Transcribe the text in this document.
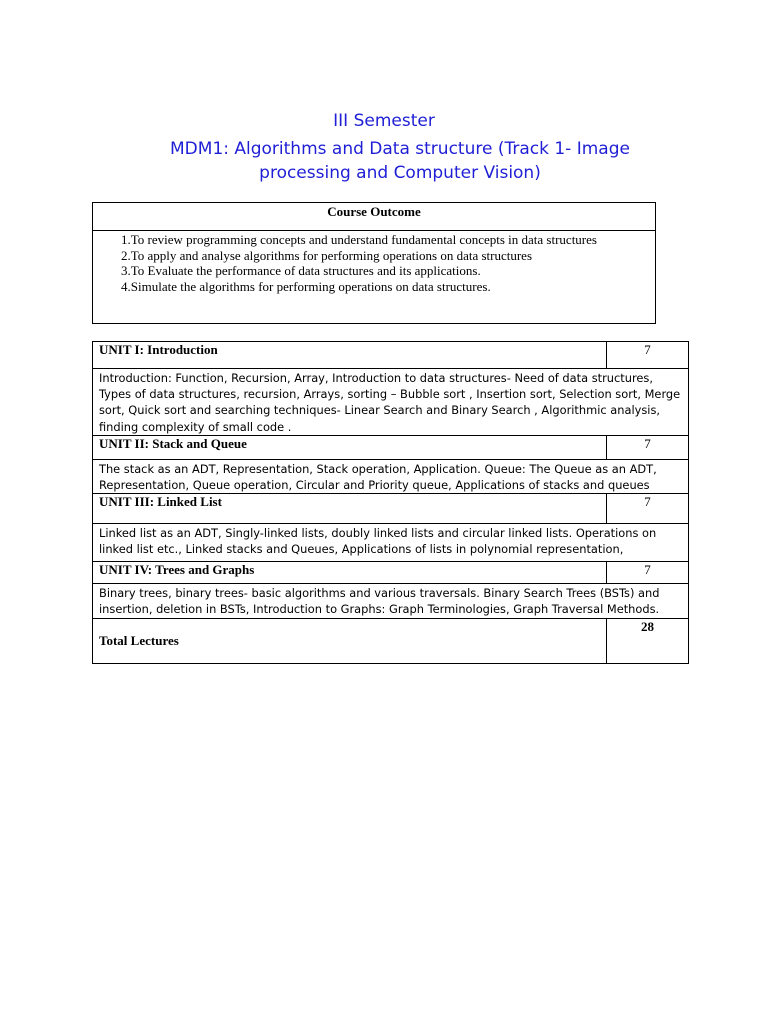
III Semester
MDM1: Algorithms and Data structure (Track 1- Image processing and Computer Vision)
Course Outcome

1.To review programming concepts and understand fundamental concepts in data structures

2.To apply and analyse algorithms for performing operations on data structures

3.To Evaluate the performance of data structures and its applications.

4.Simulate the algorithms for performing operations on data structures.

UNIT I: Introduction	7
Introduction: Function, Recursion, Array, Introduction to data structures- Need of data structures, Types of data structures, recursion, Arrays, sorting – Bubble sort , Insertion sort, Selection sort, Merge sort, Quick sort and searching techniques- Linear Search and Binary Search , Algorithmic analysis, finding complexity of small code .	
UNIT II: Stack and Queue	7
The stack as an ADT, Representation, Stack operation, Application. Queue: The Queue as an ADT, Representation, Queue operation, Circular and Priority queue, Applications of stacks and queues	
UNIT III: Linked List	7
Linked list as an ADT, Singly-linked lists, doubly linked lists and circular linked lists. Operations on linked list etc., Linked stacks and Queues, Applications of lists in polynomial representation,	
UNIT IV: Trees and Graphs	7
Binary trees, binary trees- basic algorithms and various traversals. Binary Search Trees (BSTs) and insertion, deletion in BSTs, Introduction to Graphs: Graph Terminologies, Graph Traversal Methods.	
Total Lectures	28
